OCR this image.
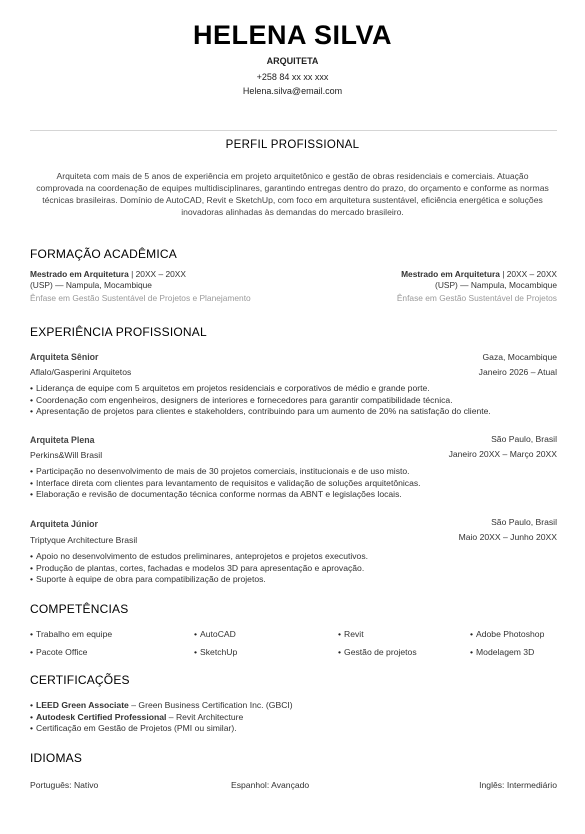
HELENA SILVA
ARQUITETA
+258 84 xx xx xxx
Helena.silva@email.com
PERFIL PROFISSIONAL
Arquiteta com mais de 5 anos de experiência em projeto arquitetônico e gestão de obras residenciais e comerciais. Atuação comprovada na coordenação de equipes multidisciplinares, garantindo entregas dentro do prazo, do orçamento e conforme as normas técnicas brasileiras. Domínio de AutoCAD, Revit e SketchUp, com foco em arquitetura sustentável, eficiência energética e soluções inovadoras alinhadas às demandas do mercado brasileiro.
FORMAÇÃO ACADÊMICA
Mestrado em Arquitetura | 20XX – 20XX
(USP) — Nampula, Mocambique
Ênfase em Gestão Sustentável de Projetos e Planejamento
Mestrado em Arquitetura | 20XX – 20XX
(USP) — Nampula, Mocambique
Ênfase em Gestão Sustentável de Projetos
EXPERIÊNCIA PROFISSIONAL
Arquiteta Sênior	Gaza, Mocambique
Aflalo/Gasperini Arquitetos	Janeiro 2026 – Atual
• Liderança de equipe com 5 arquitetos em projetos residenciais e corporativos de médio e grande porte.
• Coordenação com engenheiros, designers de interiores e fornecedores para garantir compatibilidade técnica.
• Apresentação de projetos para clientes e stakeholders, contribuindo para um aumento de 20% na satisfação do cliente.
Arquiteta Plena	São Paulo, Brasil
Perkins&Will Brasil	Janeiro 20XX – Março 20XX
• Participação no desenvolvimento de mais de 30 projetos comerciais, institucionais e de uso misto.
• Interface direta com clientes para levantamento de requisitos e validação de soluções arquitetônicas.
• Elaboração e revisão de documentação técnica conforme normas da ABNT e legislações locais.
Arquiteta Júnior	São Paulo, Brasil
Triptyque Architecture Brasil	Maio 20XX – Junho 20XX
• Apoio no desenvolvimento de estudos preliminares, anteprojetos e projetos executivos.
• Produção de plantas, cortes, fachadas e modelos 3D para apresentação e aprovação.
• Suporte à equipe de obra para compatibilização de projetos.
COMPETÊNCIAS
• Trabalho em equipe	• AutoCAD	• Revit	• Adobe Photoshop
• Pacote Office	• SketchUp	• Gestão de projetos	• Modelagem 3D
CERTIFICAÇÕES
• LEED Green Associate – Green Business Certification Inc. (GBCI)
• Autodesk Certified Professional – Revit Architecture
• Certificação em Gestão de Projetos (PMI ou similar).
IDIOMAS
Português: Nativo	Espanhol: Avançado	Inglês: Intermediário
